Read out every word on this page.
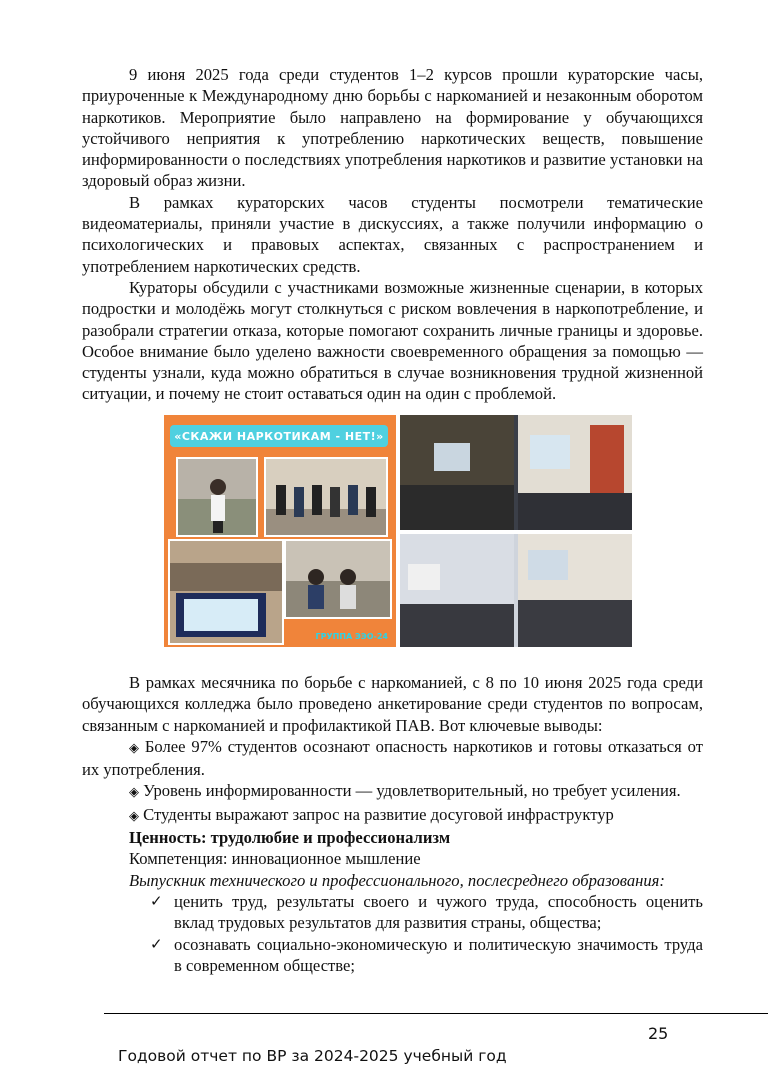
9 июня 2025 года среди студентов 1–2 курсов прошли кураторские часы, приуроченные к Международному дню борьбы с наркоманией и незаконным оборотом наркотиков. Мероприятие было направлено на формирование у обучающихся устойчивого неприятия к употреблению наркотических веществ, повышение информированности о последствиях употребления наркотиков и развитие установки на здоровый образ жизни.

В рамках кураторских часов студенты посмотрели тематические видеоматериалы, приняли участие в дискуссиях, а также получили информацию о психологических и правовых аспектах, связанных с распространением и употреблением наркотических средств.

Кураторы обсудили с участниками возможные жизненные сценарии, в которых подростки и молодёжь могут столкнуться с риском вовлечения в наркопотребление, и разобрали стратегии отказа, которые помогают сохранить личные границы и здоровье. Особое внимание было уделено важности своевременного обращения за помощью — студенты узнали, куда можно обратиться в случае возникновения трудной жизненной ситуации, и почему не стоит оставаться один на один с проблемой.

«СКАЖИ НАРКОТИКАМ - НЕТ!»
ГРУППА ЭЭО-24

В рамках месячника по борьбе с наркоманией, с 8 по 10 июня 2025 года среди обучающихся колледжа было проведено анкетирование среди студентов по вопросам, связанным с наркоманией и профилактикой ПАВ. Вот ключевые выводы:

◈ Более 97% студентов осознают опасность наркотиков и готовы отказаться от их употребления.

◈ Уровень информированности — удовлетворительный, но требует усиления.

◈ Студенты выражают запрос на развитие досуговой инфраструктур

Ценность: трудолюбие и профессионализм

Компетенция: инновационное мышление

Выпускник технического и профессионального, послесреднего образования:

✓ ценить труд, результаты своего и чужого труда, способность оценить вклад трудовых результатов для развития страны, общества;
✓ осознавать социально-экономическую и политическую значимость труда в современном обществе;
25
Годовой отчет по ВР за 2024-2025 учебный год
